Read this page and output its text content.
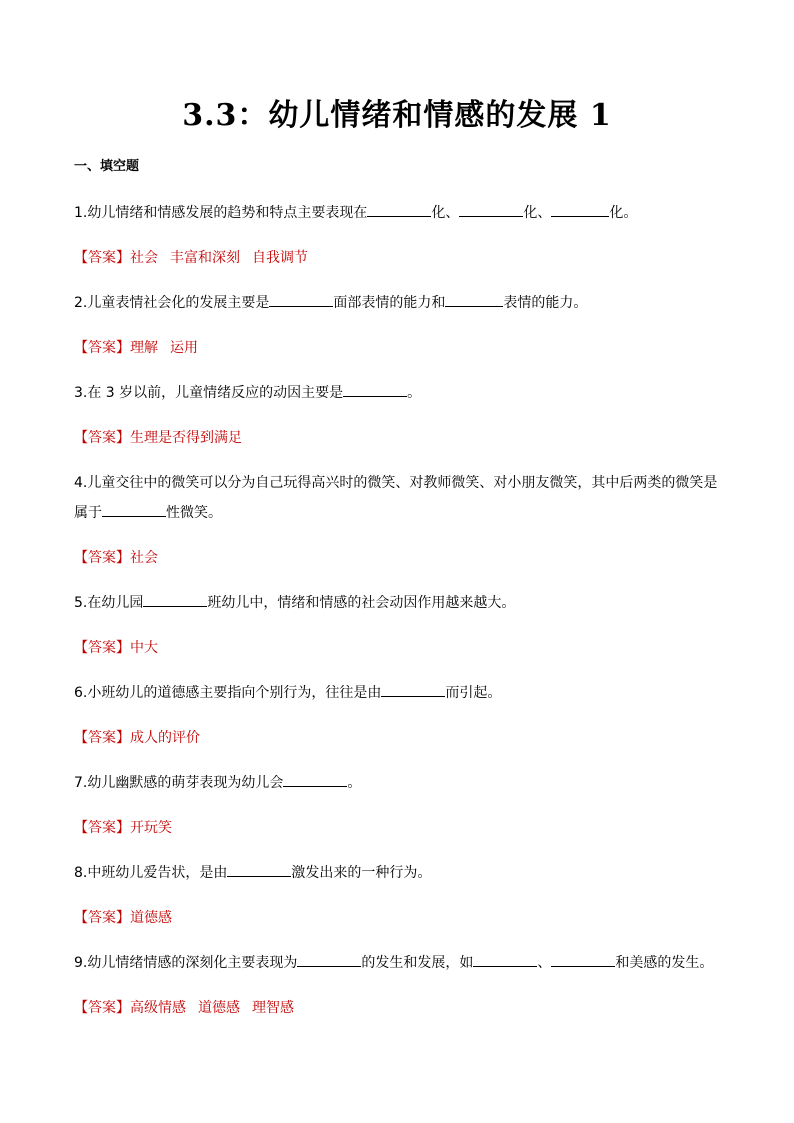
3.3：幼儿情绪和情感的发展 1
一、填空题

1.幼儿情绪和情感发展的趋势和特点主要表现在	化、	化、	化。

【答案】社会 丰富和深刻 自我调节

2.儿童表情社会化的发展主要是	面部表情的能力和	表情的能力。

【答案】理解 运用

3.在 3 岁以前，儿童情绪反应的动因主要是	。

【答案】生理是否得到满足

4.儿童交往中的微笑可以分为自己玩得高兴时的微笑、对教师微笑、对小朋友微笑，其中后两类的微笑是
属于	性微笑。

【答案】社会

5.在幼儿园	班幼儿中，情绪和情感的社会动因作用越来越大。

【答案】中大

6.小班幼儿的道德感主要指向个别行为，往往是由	而引起。

【答案】成人的评价

7.幼儿幽默感的萌芽表现为幼儿会	。

【答案】开玩笑

8.中班幼儿爱告状，是由	激发出来的一种行为。

【答案】道德感

9.幼儿情绪情感的深刻化主要表现为	的发生和发展，如	、	和美感的发生。

【答案】高级情感 道德感 理智感
